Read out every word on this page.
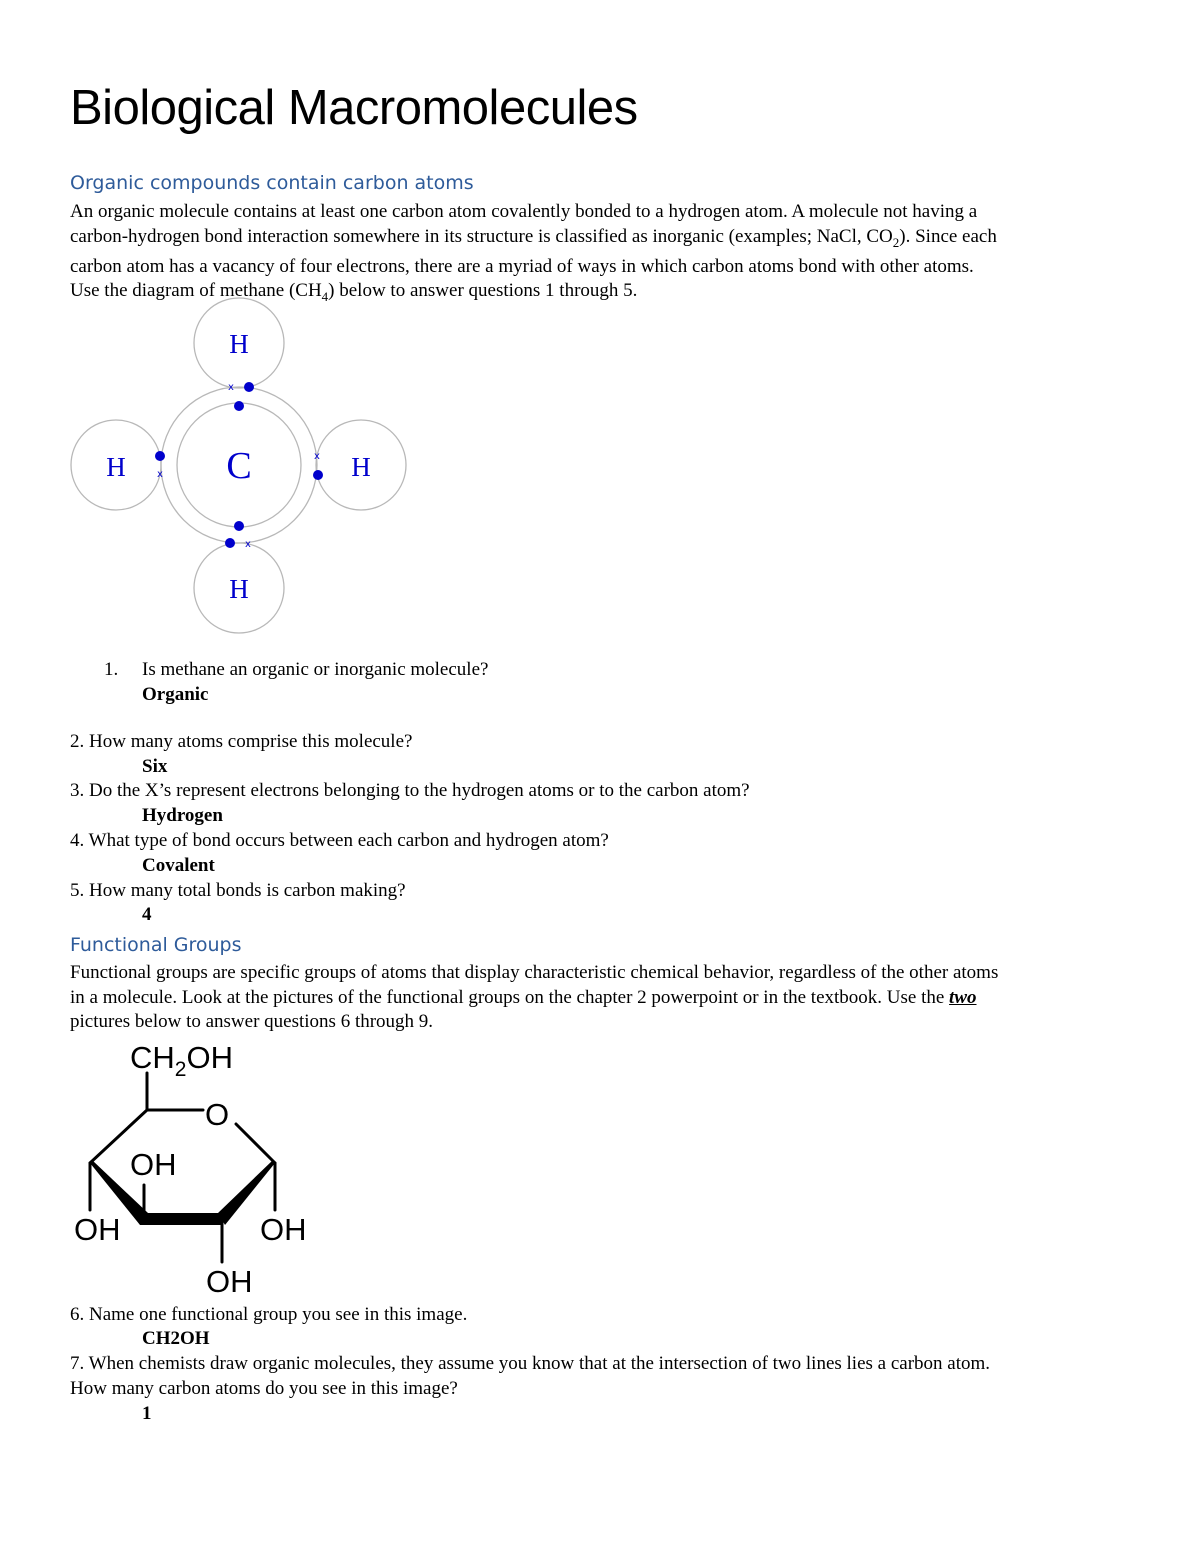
Biological Macromolecules
Organic compounds contain carbon atoms
An organic molecule contains at least one carbon atom covalently bonded to a hydrogen atom. A molecule not having a
carbon-hydrogen bond interaction somewhere in its structure is classified as inorganic (examples; NaCl, $CO_2$). Since each
carbon atom has a vacancy of four electrons, there are a myriad of ways in which carbon atoms bond with other atoms.
Use the diagram of methane $(CH_4)$ below to answer questions 1 through 5.
C
H
H
H	H
x
x
x
x
1. Is methane an organic or inorganic molecule?
Organic
2. How many atoms comprise this molecule?
Six
3. Do the X’s represent electrons belonging to the hydrogen atoms or to the carbon atom?
Hydrogen
4. What type of bond occurs between each carbon and hydrogen atom?
Covalent
5. How many total bonds is carbon making?
4
Functional Groups
Functional groups are specific groups of atoms that display characteristic chemical behavior, regardless of the other atoms
in a molecule. Look at the pictures of the functional groups on the chapter 2 powerpoint or in the textbook. Use the two
pictures below to answer questions 6 through 9.
$CH_2OH$
O
OH
OH	OH
OH
6. Name one functional group you see in this image.
CH2OH
7. When chemists draw organic molecules, they assume you know that at the intersection of two lines lies a carbon atom.
How many carbon atoms do you see in this image?
1
